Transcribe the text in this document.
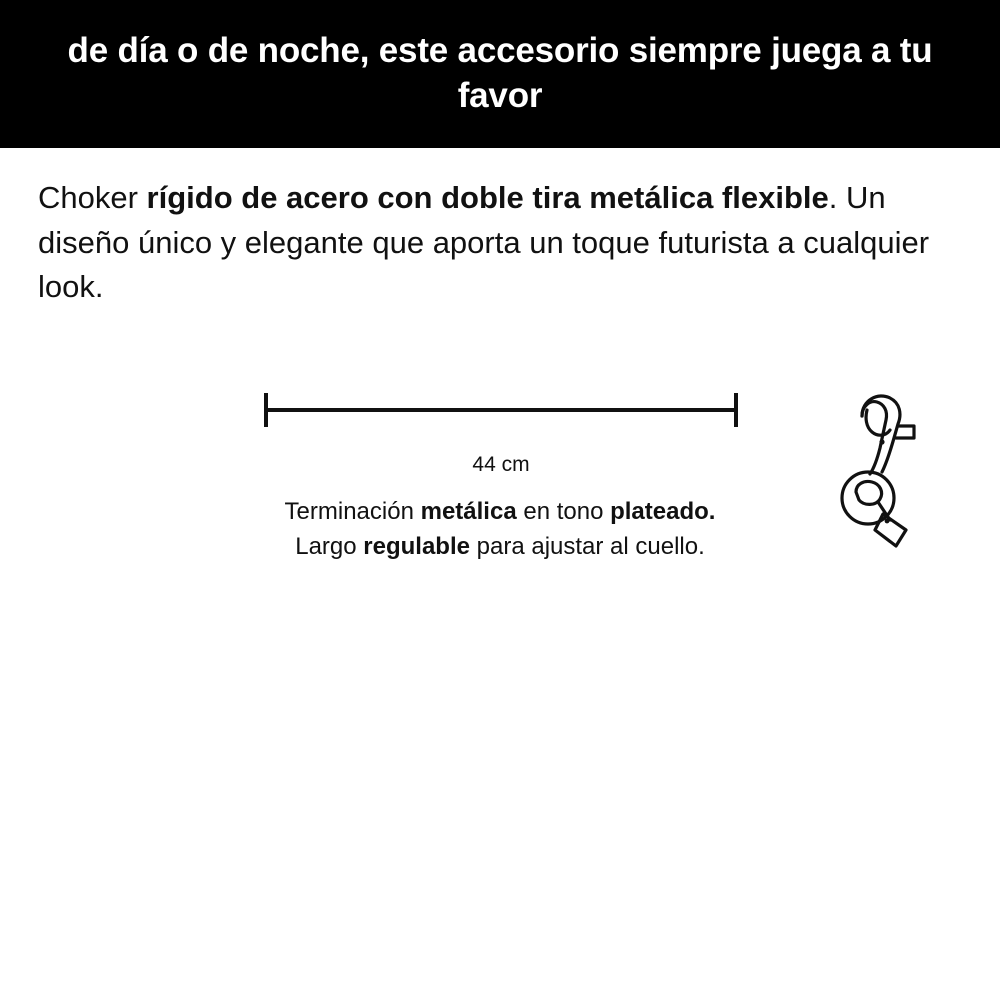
de día o de noche, este accesorio siempre juega a tu favor
Choker rígido de acero con doble tira metálica flexible. Un diseño único y elegante que aporta un toque futurista a cualquier look.
44 cm
Terminación metálica en tono plateado.
Largo regulable para ajustar al cuello.
